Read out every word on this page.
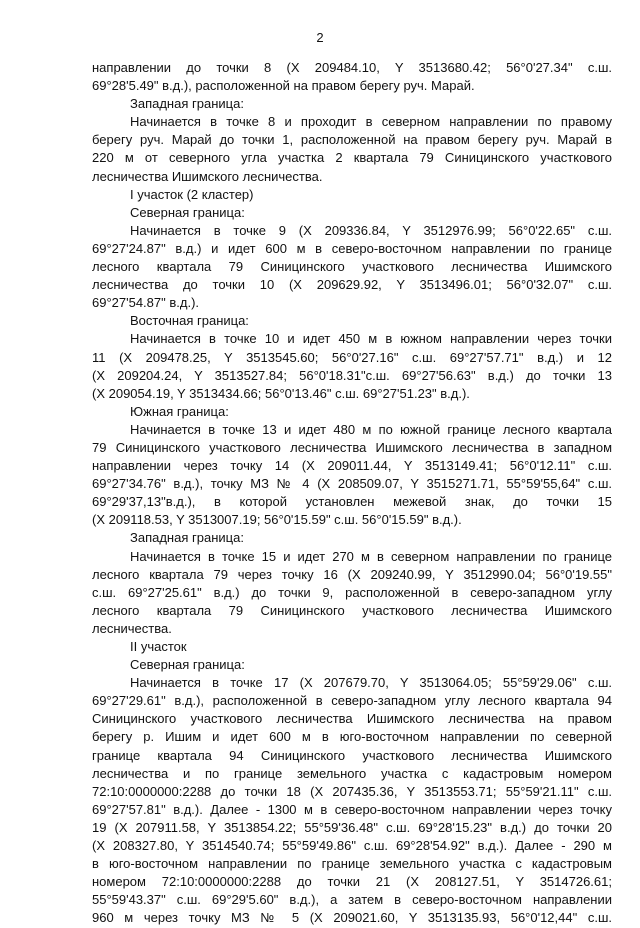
2
направлении до точки 8 (X 209484.10, Y 3513680.42; 56°0'27.34" с.ш.
69°28'5.49" в.д.), расположенной на правом берегу руч. Марай.
Западная граница:
Начинается в точке 8 и проходит в северном направлении по правому
берегу руч. Марай до точки 1, расположенной на правом берегу руч. Марай в
220 м от северного угла участка 2 квартала 79 Синицинского участкового
лесничества Ишимского лесничества.
I участок (2 кластер)
Северная граница:
Начинается в точке 9 (X 209336.84, Y 3512976.99; 56°0'22.65" с.ш.
69°27'24.87" в.д.) и идет 600 м в северо-восточном направлении по границе
лесного квартала 79 Синицинского участкового лесничества Ишимского
лесничества до точки 10 (X 209629.92, Y 3513496.01; 56°0'32.07" с.ш.
69°27'54.87" в.д.).
Восточная граница:
Начинается в точке 10 и идет 450 м в южном направлении через точки
11 (X 209478.25, Y 3513545.60; 56°0'27.16" с.ш. 69°27'57.71" в.д.) и 12
(X 209204.24, Y 3513527.84; 56°0'18.31"с.ш. 69°27'56.63" в.д.) до точки 13
(X 209054.19, Y 3513434.66; 56°0'13.46" с.ш. 69°27'51.23" в.д.).
Южная граница:
Начинается в точке 13 и идет 480 м по южной границе лесного квартала
79 Синицинского участкового лесничества Ишимского лесничества в западном
направлении через точку 14 (X 209011.44, Y 3513149.41; 56°0'12.11" с.ш.
69°27'34.76" в.д.), точку МЗ № 4 (X 208509.07, Y 3515271.71, 55°59'55,64" с.ш.
69°29'37,13"в.д.), в которой установлен межевой знак, до точки 15
(X 209118.53, Y 3513007.19; 56°0'15.59" с.ш. 56°0'15.59" в.д.).
Западная граница:
Начинается в точке 15 и идет 270 м в северном направлении по границе
лесного квартала 79 через точку 16 (X 209240.99, Y 3512990.04; 56°0'19.55"
с.ш. 69°27'25.61" в.д.) до точки 9, расположенной в северо-западном углу
лесного квартала 79 Синицинского участкового лесничества Ишимского
лесничества.
II участок
Северная граница:
Начинается в точке 17 (X 207679.70, Y 3513064.05; 55°59'29.06" с.ш.
69°27'29.61" в.д.), расположенной в северо-западном углу лесного квартала 94
Синицинского участкового лесничества Ишимского лесничества на правом
берегу р. Ишим и идет 600 м в юго-восточном направлении по северной
границе квартала 94 Синицинского участкового лесничества Ишимского
лесничества и по границе земельного участка с кадастровым номером
72:10:0000000:2288 до точки 18 (X 207435.36, Y 3513553.71; 55°59'21.11" с.ш.
69°27'57.81" в.д.). Далее - 1300 м в северо-восточном направлении через точку
19 (X 207911.58, Y 3513854.22; 55°59'36.48" с.ш. 69°28'15.23" в.д.) до точки 20
(X 208327.80, Y 3514540.74; 55°59'49.86" с.ш. 69°28'54.92" в.д.). Далее - 290 м
в юго-восточном направлении по границе земельного участка с кадастровым
номером 72:10:0000000:2288 до точки 21 (X 208127.51, Y 3514726.61;
55°59'43.37" с.ш. 69°29'5.60" в.д.), а затем в северо-восточном направлении
960 м через точку МЗ № 5 (X 209021.60, Y 3513135.93, 56°0'12,44" с.ш.
